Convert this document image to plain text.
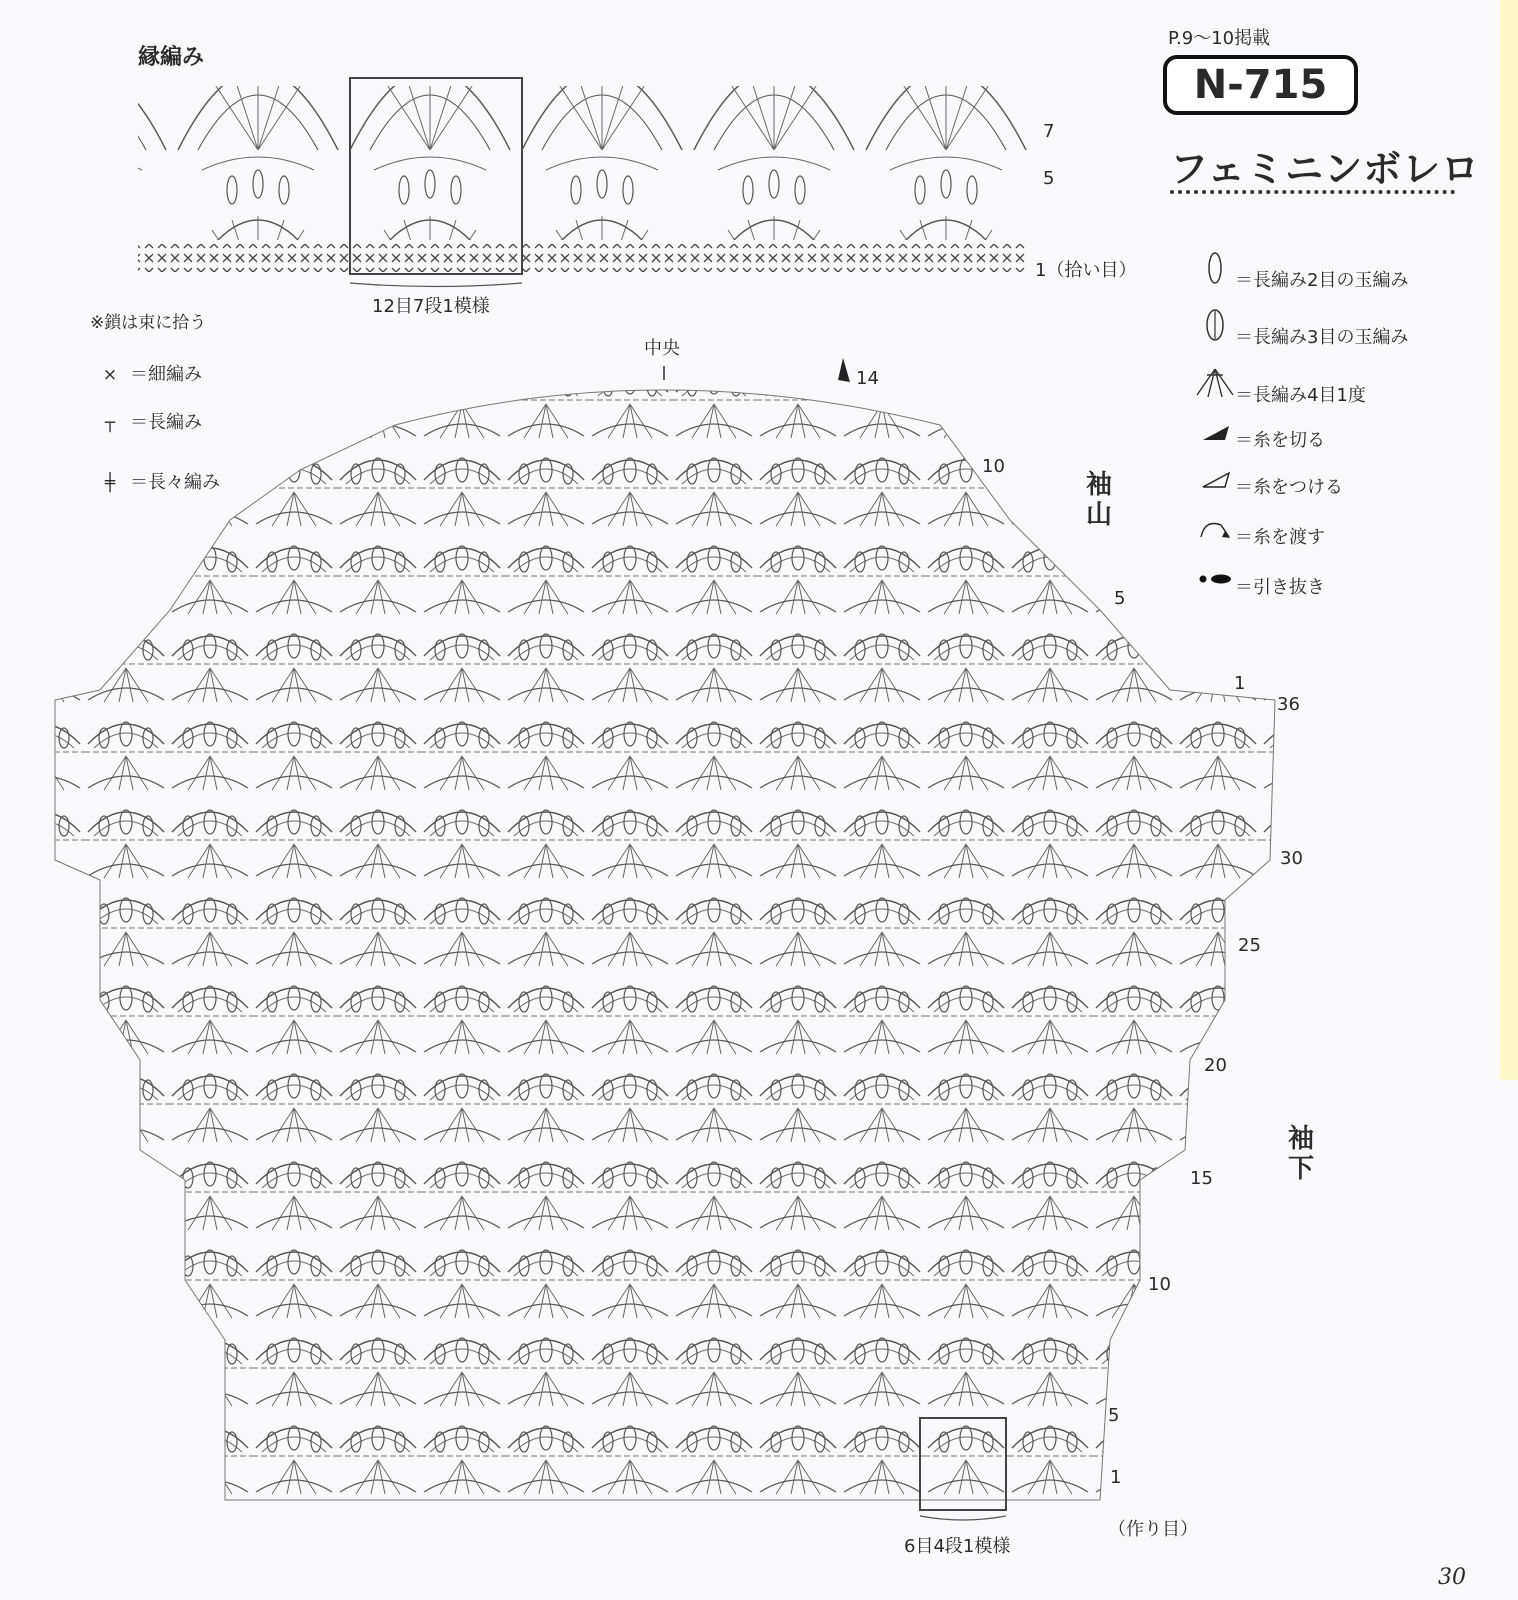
縁編み
P.9〜10掲載
N-715
フェミニンボレロ
7
5
1（拾い目）
12目7段1模様
※鎖は束に拾う
× ＝細編み
┬ ＝長編み
╪ ＝長々編み
＝長編み2目の玉編み
＝長編み3目の玉編み
＝長編み4目1度
＝糸を切る
＝糸をつける
＝糸を渡す
＝引き抜き
中央
14
10
5
1
36
30
25
20
15
10
5
1
（作り目）
6目4段1模様
袖山
袖下
30
